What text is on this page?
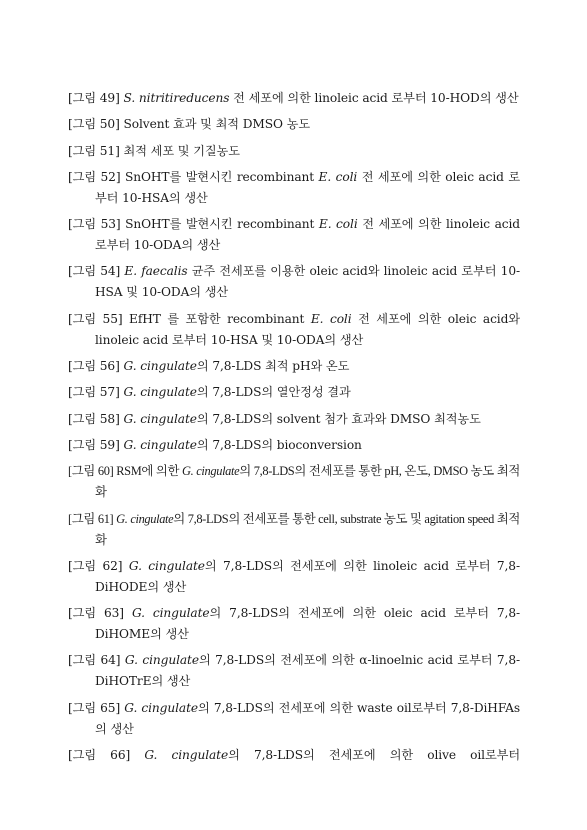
[그림 49] S. nitritireducens 전 세포에 의한 linoleic acid 로부터 10-HOD의 생산
[그림 50] Solvent 효과 및 최적 DMSO 농도
[그림 51] 최적 세포 및 기질농도
[그림 52] SnOHT를 발현시킨 recombinant E. coli 전 세포에 의한 oleic acid 로부터 10-HSA의 생산
[그림 53] SnOHT를 발현시킨 recombinant E. coli 전 세포에 의한 linoleic acid 로부터 10-ODA의 생산
[그림 54] E. faecalis 균주 전세포를 이용한 oleic acid와 linoleic acid 로부터 10-HSA 및 10-ODA의 생산
[그림 55] EfHT 를 포함한 recombinant E. coli 전 세포에 의한 oleic acid와 linoleic acid 로부터 10-HSA 및 10-ODA의 생산
[그림 56] G. cingulate의 7,8-LDS 최적 pH와 온도
[그림 57] G. cingulate의 7,8-LDS의 열안정성 결과
[그림 58] G. cingulate의 7,8-LDS의 solvent 첨가 효과와 DMSO 최적농도
[그림 59] G. cingulate의 7,8-LDS의 bioconversion
[그림 60] RSM에 의한 G. cingulate의 7,8-LDS의 전세포를 통한 pH, 온도, DMSO 농도 최적화
[그림 61] G. cingulate의 7,8-LDS의 전세포를 통한 cell, substrate 농도 및 agitation speed 최적화
[그림 62] G. cingulate의 7,8-LDS의 전세포에 의한 linoleic acid 로부터 7,8-DiHODE의 생산
[그림 63] G. cingulate의 7,8-LDS의 전세포에 의한 oleic acid 로부터 7,8-DiHOME의 생산
[그림 64] G. cingulate의 7,8-LDS의 전세포에 의한 α-linoelnic acid 로부터 7,8-DiHOTrE의 생산
[그림 65] G. cingulate의 7,8-LDS의 전세포에 의한 waste oil로부터 7,8-DiHFAs의 생산
[그림 66] G. cingulate의 7,8-LDS의 전세포에 의한 olive oil로부터
